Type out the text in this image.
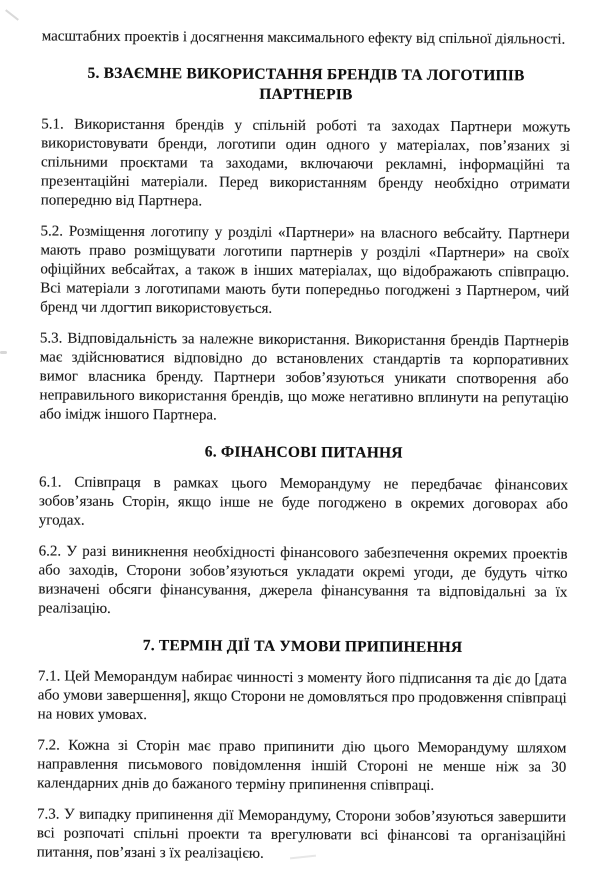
масштабних проектів і досягнення максимального ефекту від спільної діяльності.

5. ВЗАЄМНЕ ВИКОРИСТАННЯ БРЕНДІВ ТА ЛОГОТИПІВ ПАРТНЕРІВ

5.1. Використання брендів у спільній роботі та заходах Партнери можуть використовувати бренди, логотипи один одного у матеріалах, пов’язаних зі спільними проєктами та заходами, включаючи рекламні, інформаційні та презентаційні матеріали. Перед використанням бренду необхідно отримати попередню від Партнера.

5.2. Розміщення логотипу у розділі «Партнери» на власного вебсайту. Партнери мають право розміщувати логотипи партнерів у розділі «Партнери» на своїх офіційних вебсайтах, а також в інших матеріалах, що відображають співпрацю. Всі матеріали з логотипами мають бути попередньо погоджені з Партнером, чий бренд чи лдогтип використовується.

5.3. Відповідальність за належне використання. Використання брендів Партнерів має здійснюватися відповідно до встановлених стандартів та корпоративних вимог власника бренду. Партнери зобов’язуються уникати спотворення або неправильного використання брендів, що може негативно вплинути на репутацію або імідж іншого Партнера.

6. ФІНАНСОВІ ПИТАННЯ

6.1. Співпраця в рамках цього Меморандуму не передбачає фінансових зобов’язань Сторін, якщо інше не буде погоджено в окремих договорах або угодах.

6.2. У разі виникнення необхідності фінансового забезпечення окремих проектів або заходів, Сторони зобов’язуються укладати окремі угоди, де будуть чітко визначені обсяги фінансування, джерела фінансування та відповідальні за їх реалізацію.

7. ТЕРМІН ДІЇ ТА УМОВИ ПРИПИНЕННЯ

7.1. Цей Меморандум набирає чинності з моменту його підписання та діє до [дата або умови завершення], якщо Сторони не домовляться про продовження співпраці на нових умовах.

7.2. Кожна зі Сторін має право припинити дію цього Меморандуму шляхом направлення письмового повідомлення іншій Стороні не менше ніж за 30 календарних днів до бажаного терміну припинення співпраці.

7.3. У випадку припинення дії Меморандуму, Сторони зобов’язуються завершити всі розпочаті спільні проекти та врегулювати всі фінансові та організаційні питання, пов’язані з їх реалізацією.
